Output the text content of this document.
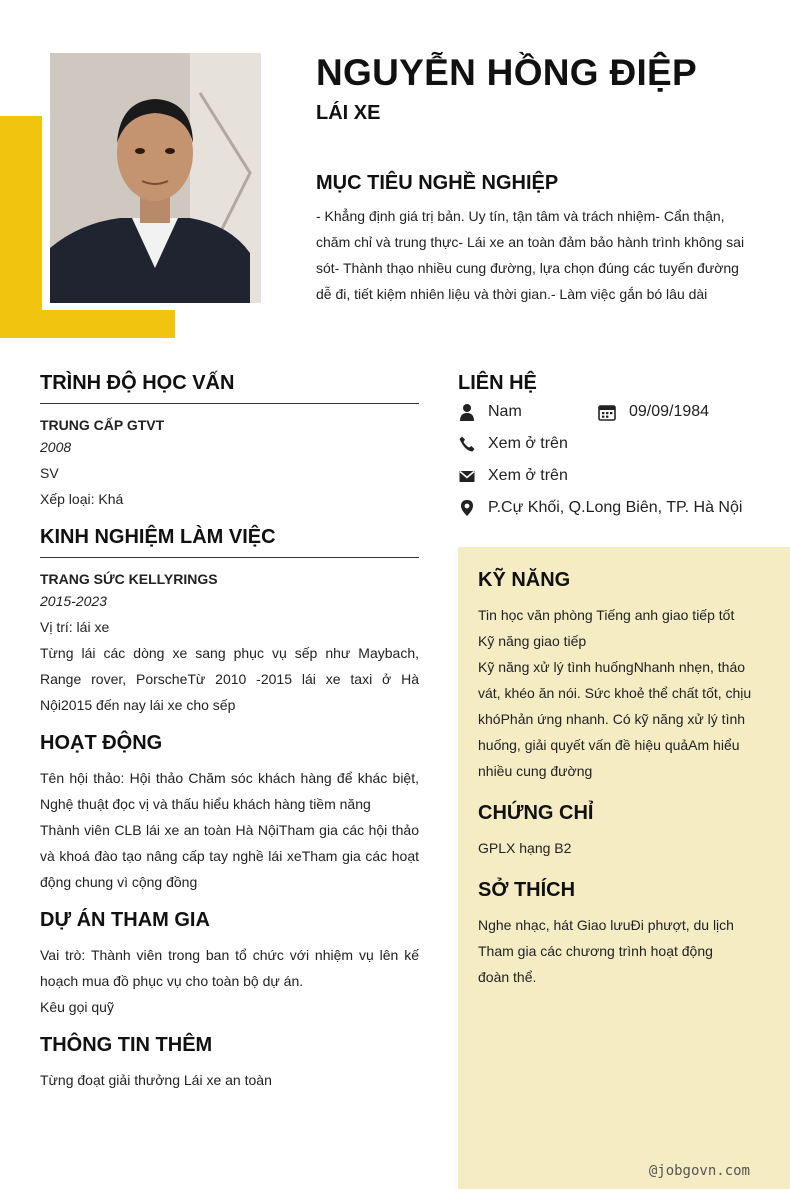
NGUYỄN HỒNG ĐIỆP
LÁI XE
MỤC TIÊU NGHỀ NGHIỆP
- Khẳng định giá trị bản. Uy tín, tận tâm và trách nhiệm- Cẩn thận, chăm chỉ và trung thực- Lái xe an toàn đảm bảo hành trình không sai sót- Thành thạo nhiều cung đường, lựa chọn đúng các tuyến đường dễ đi, tiết kiệm nhiên liệu và thời gian.- Làm việc gắn bó lâu dài
TRÌNH ĐỘ HỌC VẤN
TRUNG CẤP GTVT
2008
SV
Xếp loại: Khá
KINH NGHIỆM LÀM VIỆC
TRANG SỨC KELLYRINGS
2015-2023
Vị trí: lái xe
Từng lái các dòng xe sang phục vụ sếp như Maybach, Range rover, PorscheTừ 2010 -2015 lái xe taxi ở Hà Nội2015 đến nay lái xe cho sếp
HOẠT ĐỘNG
Tên hội thảo: Hội thảo Chăm sóc khách hàng để khác biệt, Nghệ thuật đọc vị và thấu hiểu khách hàng tiềm năng
Thành viên CLB lái xe an toàn Hà NộiTham gia các hội thảo và khoá đào tạo nâng cấp tay nghề lái xeTham gia các hoạt động chung vì cộng đồng
DỰ ÁN THAM GIA
Vai trò: Thành viên trong ban tổ chức với nhiệm vụ lên kế hoạch mua đồ phục vụ cho toàn bộ dự án.
Kêu gọi quỹ
THÔNG TIN THÊM
Từng đoạt giải thưởng Lái xe an toàn
LIÊN HỆ
Nam	09/09/1984
Xem ở trên
Xem ở trên
P.Cự Khối, Q.Long Biên, TP. Hà Nội
KỸ NĂNG
Tin học văn phòng Tiếng anh giao tiếp tốt
Kỹ năng giao tiếp
Kỹ năng xử lý tình huốngNhanh nhẹn, tháo vát, khéo ăn nói. Sức khoẻ thể chất tốt, chịu khóPhản ứng nhanh. Có kỹ năng xử lý tình huống, giải quyết vấn đề hiệu quảAm hiểu nhiều cung đường
CHỨNG CHỈ
GPLX hạng B2
SỞ THÍCH
Nghe nhạc, hát Giao lưuĐi phượt, du lịch Tham gia các chương trình hoạt động đoàn thể.
@jobgovn.com
